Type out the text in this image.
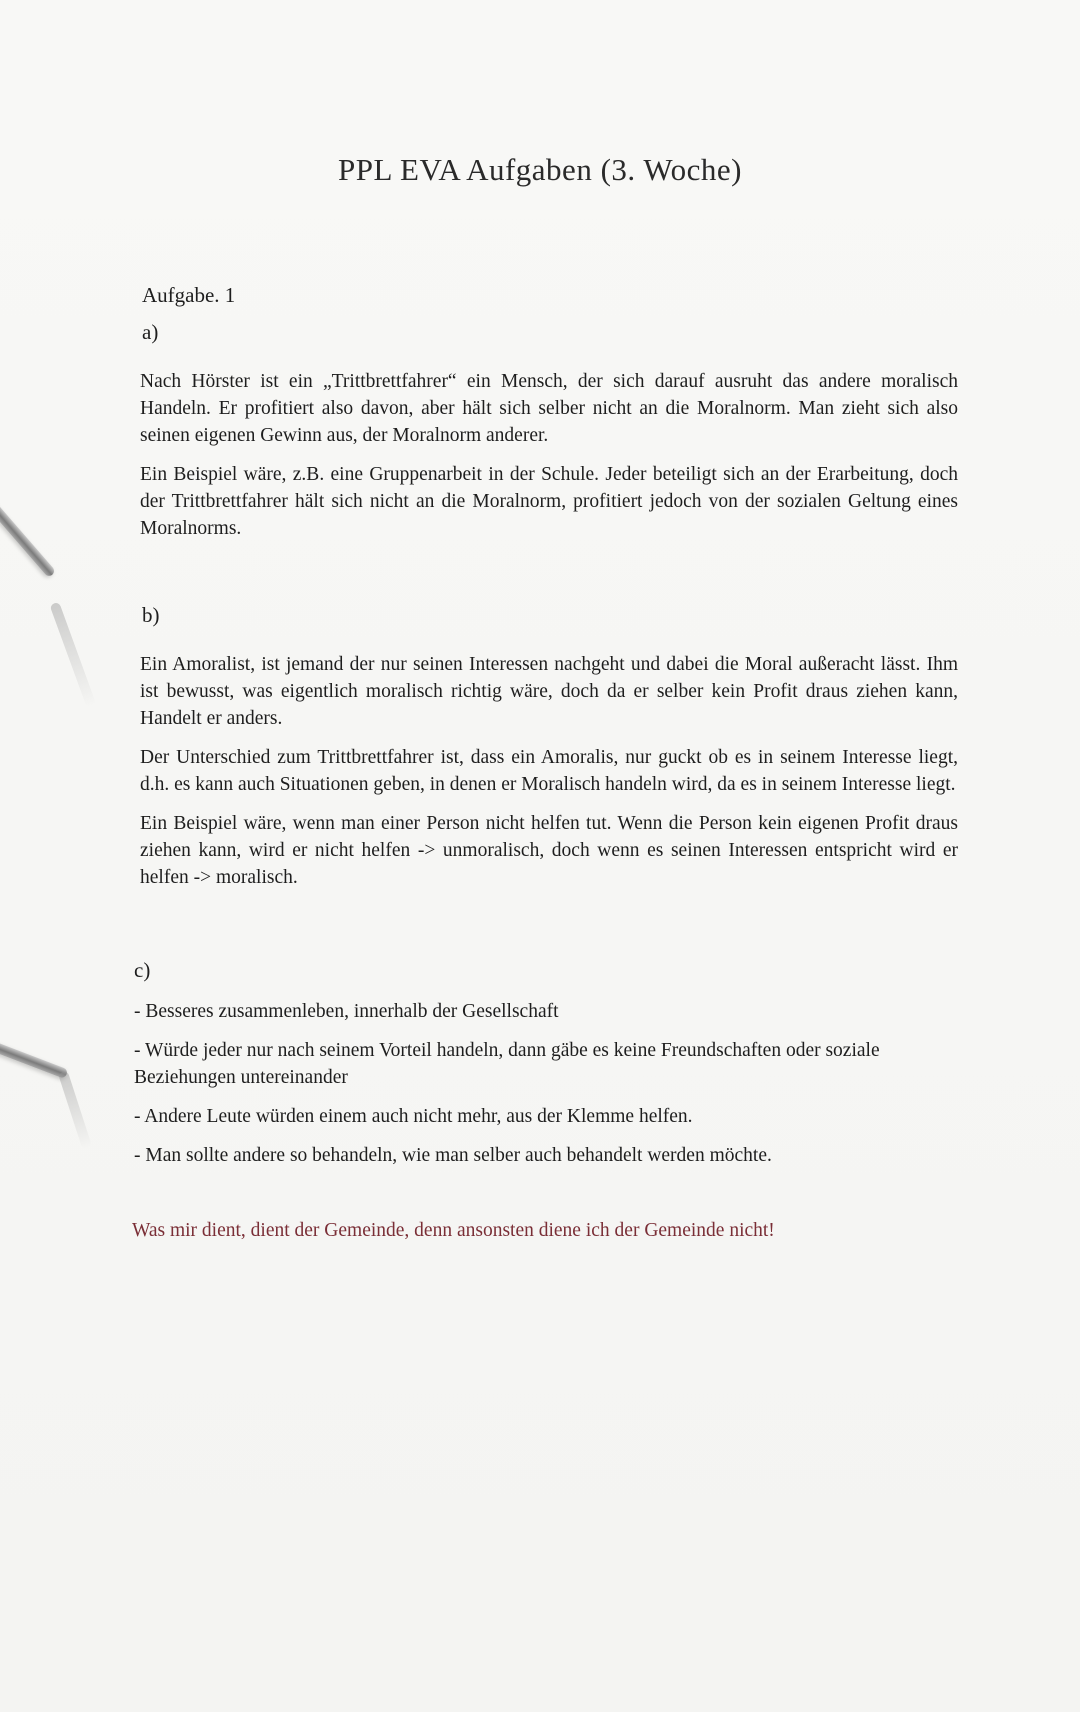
PPL EVA Aufgaben (3. Woche)
Aufgabe. 1
a)

Nach Hörster ist ein „Trittbrettfahrer“ ein Mensch, der sich darauf ausruht das andere moralisch Handeln. Er profitiert also davon, aber hält sich selber nicht an die Moralnorm. Man zieht sich also seinen eigenen Gewinn aus, der Moralnorm anderer.

Ein Beispiel wäre, z.B. eine Gruppenarbeit in der Schule. Jeder beteiligt sich an der Erarbeitung, doch der Trittbrettfahrer hält sich nicht an die Moralnorm, profitiert jedoch von der sozialen Geltung eines Moralnorms.

b)

Ein Amoralist, ist jemand der nur seinen Interessen nachgeht und dabei die Moral außeracht lässt. Ihm ist bewusst, was eigentlich moralisch richtig wäre, doch da er selber kein Profit draus ziehen kann, Handelt er anders.

Der Unterschied zum Trittbrettfahrer ist, dass ein Amoralis, nur guckt ob es in seinem Interesse liegt, d.h. es kann auch Situationen geben, in denen er Moralisch handeln wird, da es in seinem Interesse liegt.

Ein Beispiel wäre, wenn man einer Person nicht helfen tut. Wenn die Person kein eigenen Profit draus ziehen kann, wird er nicht helfen -> unmoralisch, doch wenn es seinen Interessen entspricht wird er helfen -> moralisch.

c)
- Besseres zusammenleben, innerhalb der Gesellschaft
- Würde jeder nur nach seinem Vorteil handeln, dann gäbe es keine Freundschaften oder soziale Beziehungen untereinander
- Andere Leute würden einem auch nicht mehr, aus der Klemme helfen.
- Man sollte andere so behandeln, wie man selber auch behandelt werden möchte.
Was mir dient, dient der Gemeinde, denn ansonsten diene ich der Gemeinde nicht!
